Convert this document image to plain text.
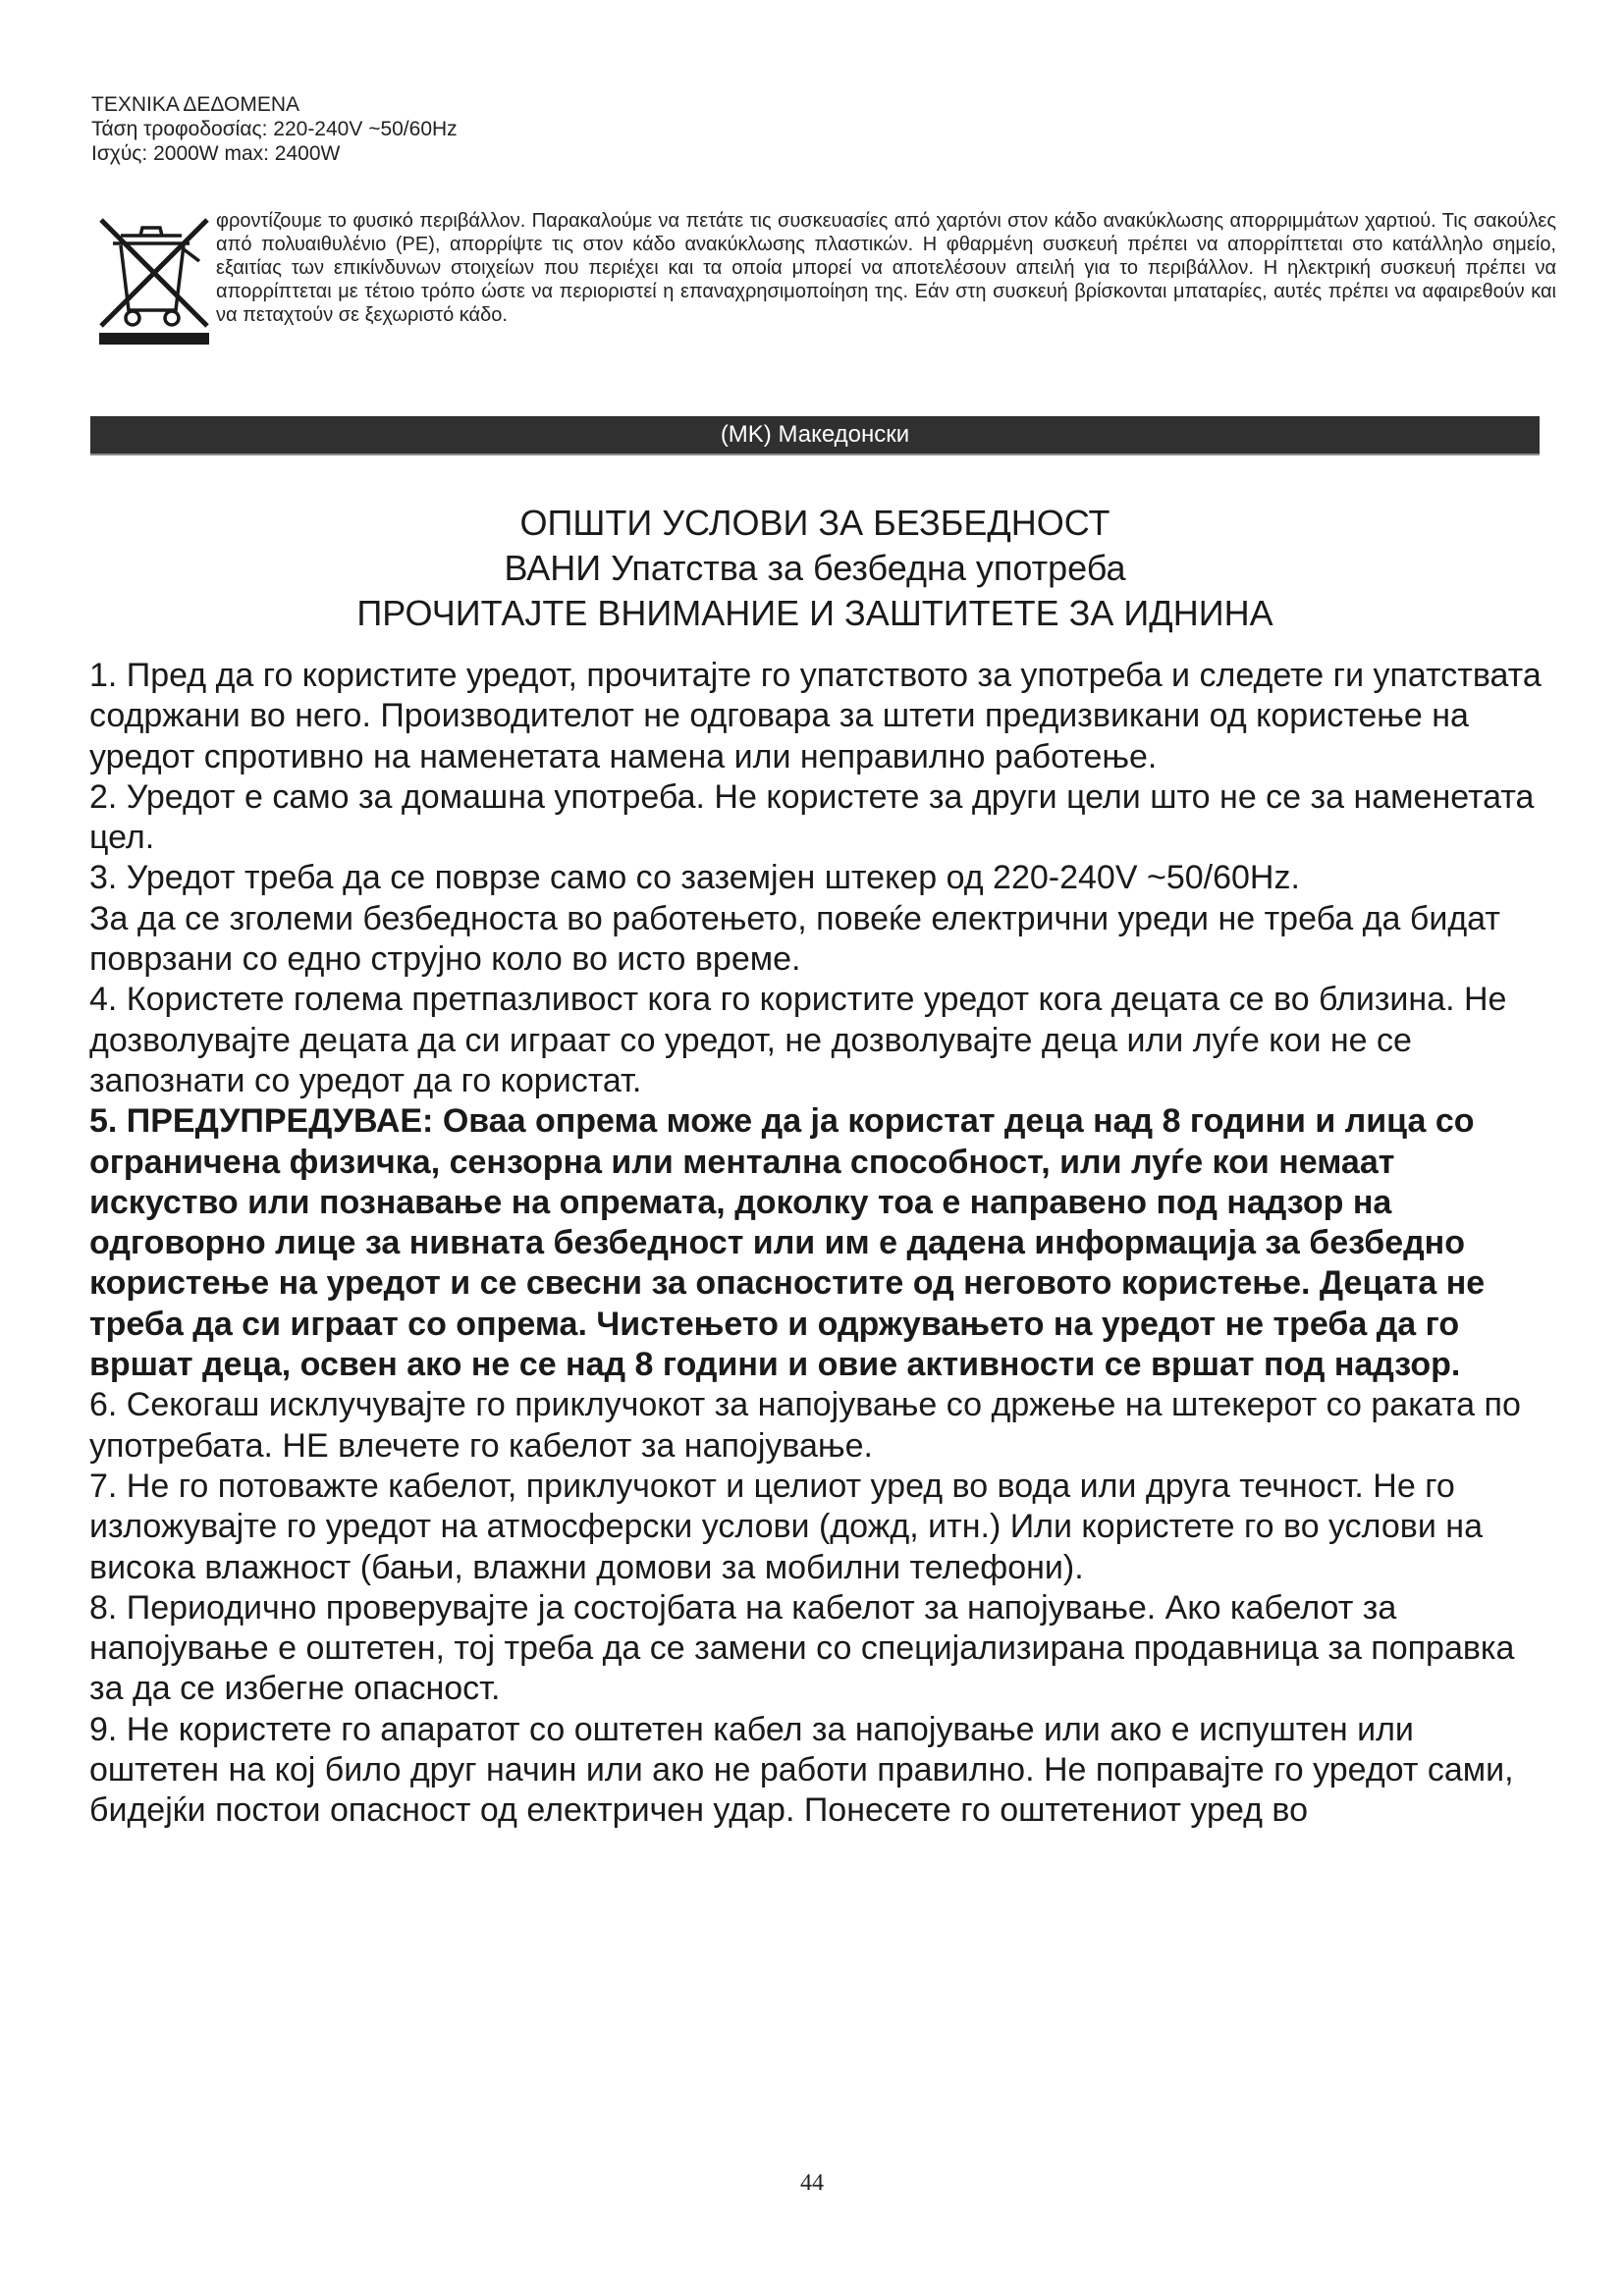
ΤΕΧΝΙΚΑ ΔΕΔΟΜΕΝΑ
Τάση τροφοδοσίας: 220-240V ~50/60Hz
Ισχύς: 2000W max: 2400W
φροντίζουμε το φυσικό περιβάλλον. Παρακαλούμε να πετάτε τις συσκευασίες από χαρτόνι στον κάδο ανακύκλωσης απορριμμάτων χαρτιού. Τις σακούλες από πολυαιθυλένιο (PE), απορρίψτε τις στον κάδο ανακύκλωσης πλαστικών. Η φθαρμένη συσκευή πρέπει να απορρίπτεται στο κατάλληλο σημείο, εξαιτίας των επικίνδυνων στοιχείων που περιέχει και τα οποία μπορεί να αποτελέσουν απειλή για το περιβάλλον. Η ηλεκτρική συσκευή πρέπει να απορρίπτεται με τέτοιο τρόπο ώστε να περιοριστεί η επαναχρησιμοποίηση της. Εάν στη συσκευή βρίσκονται μπαταρίες, αυτές πρέπει να αφαιρεθούν και να πεταχτούν σε ξεχωριστό κάδο.
(MK) Македонски
ОПШТИ УСЛОВИ ЗА БЕЗБЕДНОСТ
ВАНИ Упатства за безбедна употреба
ПРОЧИТАЈТЕ ВНИМАНИЕ И ЗАШТИТЕТЕ ЗА ИДНИНА

1. Пред да го користите уредот, прочитајте го упатството за употреба и следете ги упатствата содржани во него. Производителот не одговара за штети предизвикани од користење на уредот спротивно на наменетата намена или неправилно работење.

2. Уредот е само за домашна употреба. Не користете за други цели што не се за наменетата цел.

3. Уредот треба да се поврзе само со заземјен штекер од 220-240V ~50/60Hz.

За да се зголеми безбедноста во работењето, повеќе електрични уреди не треба да бидат поврзани со едно струјно коло во исто време.

4. Користете голема претпазливост кога го користите уредот кога децата се во близина. Не дозволувајте децата да си играат со уредот, не дозволувајте деца или луѓе кои не се запознати со уредот да го користат.

5. ПРЕДУПРЕДУВАЕ: Оваа опрема може да ја користат деца над 8 години и лица со ограничена физичка, сензорна или ментална способност, или луѓе кои немаат искуство или познавање на опремата, доколку тоа е направено под надзор на одговорно лице за нивната безбедност или им е дадена информација за безбедно користење на уредот и се свесни за опасностите од неговото користење. Децата не треба да си играат со опрема. Чистењето и одржувањето на уредот не треба да го вршат деца, освен ако не се над 8 години и овие активности се вршат под надзор.

6. Секогаш исклучувајте го приклучокот за напојување со држење на штекерот со раката по употребата. НЕ влечете го кабелот за напојување.

7. Не го потоважте кабелот, приклучокот и целиот уред во вода или друга течност. Не го изложувајте го уредот на атмосферски услови (дожд, итн.) Или користете го во услови на висока влажност (бањи, влажни домови за мобилни телефони).

8. Периодично проверувајте ја состојбата на кабелот за напојување. Ако кабелот за напојување е оштетен, тој треба да се замени со специјализирана продавница за поправка за да се избегне опасност.

9. Не користете го апаратот со оштетен кабел за напојување или ако е испуштен или оштетен на кој било друг начин или ако не работи правилно. Не поправајте го уредот сами, бидејќи постои опасност од електричен удар. Понесете го оштетениот уред во

44
